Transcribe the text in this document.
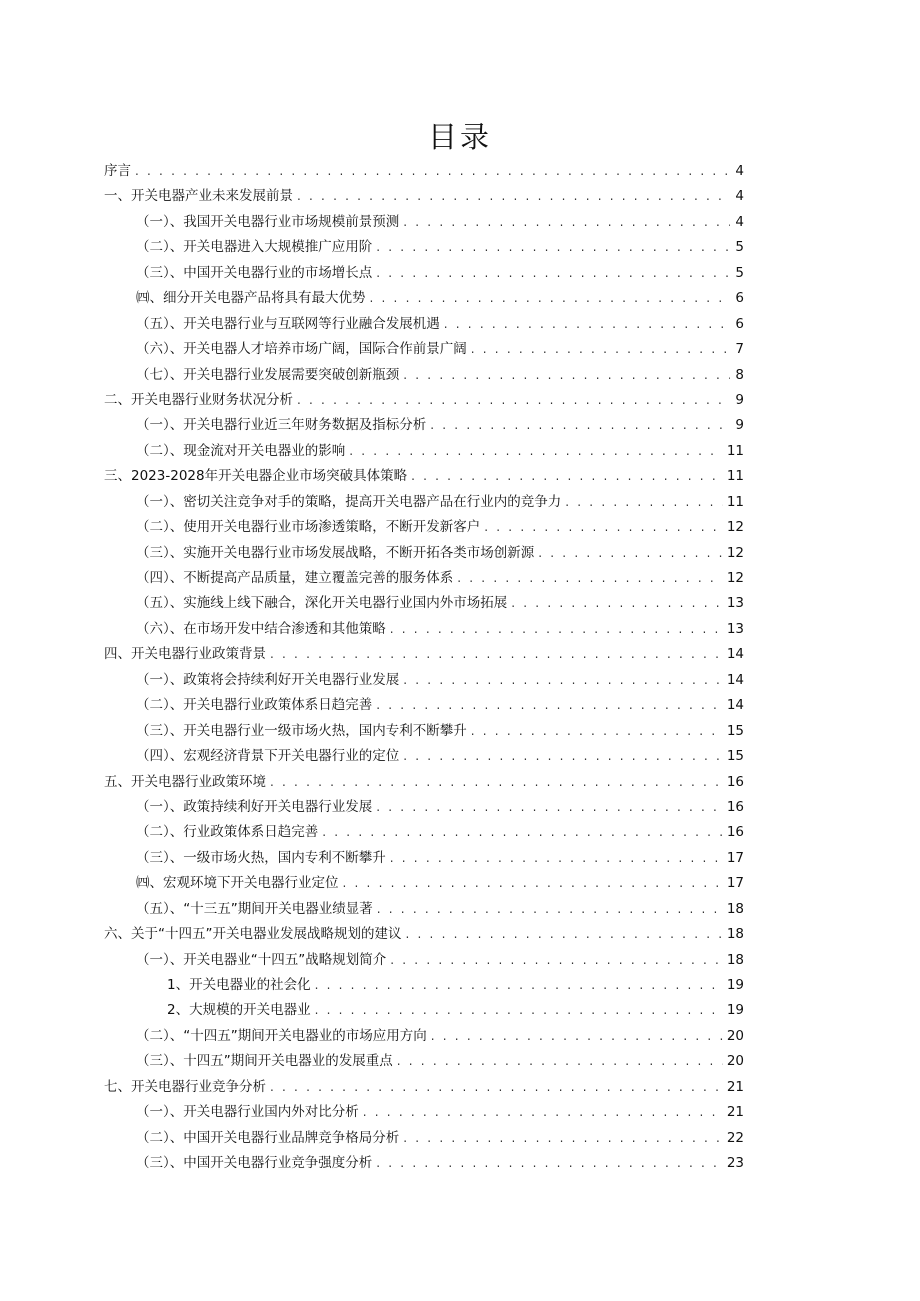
目录
序言 . . .	4
一、开关电器产业未来发展前景 . . .	4
（一）、我国开关电器行业市场规模前景预测 . . .	4
（二）、开关电器进入大规模推广应用阶 . . .	5
（三）、中国开关电器行业的市场增长点 . . .	5
㈣、细分开关电器产品将具有最大优势 . . .	6
（五）、开关电器行业与互联网等行业融合发展机遇 . . .	6
（六）、开关电器人才培养市场广阔，国际合作前景广阔 . . .	7
（七）、开关电器行业发展需要突破创新瓶颈 . . .	8
二、开关电器行业财务状况分析 . . .	9
（一）、开关电器行业近三年财务数据及指标分析 . . .	9
（二）、现金流对开关电器业的影响 . . .	11
三、2023-2028年开关电器企业市场突破具体策略 . . .	11
（一）、密切关注竞争对手的策略，提高开关电器产品在行业内的竞争力 . . .	11
（二）、使用开关电器行业市场渗透策略，不断开发新客户 . . .	12
（三）、实施开关电器行业市场发展战略，不断开拓各类市场创新源 . . .	12
（四）、不断提高产品质量，建立覆盖完善的服务体系 . . .	12
（五）、实施线上线下融合，深化开关电器行业国内外市场拓展 . . .	13
（六）、在市场开发中结合渗透和其他策略 . . .	13
四、开关电器行业政策背景 . . .	14
（一）、政策将会持续利好开关电器行业发展 . . .	14
（二）、开关电器行业政策体系日趋完善 . . .	14
（三）、开关电器行业一级市场火热，国内专利不断攀升 . . .	15
（四）、宏观经济背景下开关电器行业的定位 . . .	15
五、开关电器行业政策环境 . . .	16
（一）、政策持续利好开关电器行业发展 . . .	16
（二）、行业政策体系日趋完善 . . .	16
（三）、一级市场火热，国内专利不断攀升 . . .	17
㈣、宏观环境下开关电器行业定位 . . .	17
（五）、“十三五”期间开关电器业绩显著 . . .	18
六、关于“十四五”开关电器业发展战略规划的建议 . . .	18
（一）、开关电器业“十四五”战略规划简介 . . .	18
1、开关电器业的社会化 . . .	19
2、大规模的开关电器业 . . .	19
（二）、“十四五”期间开关电器业的市场应用方向 . . .	20
（三）、十四五”期间开关电器业的发展重点 . . .	20
七、开关电器行业竞争分析 . . .	21
（一）、开关电器行业国内外对比分析 . . .	21
（二）、中国开关电器行业品牌竞争格局分析 . . .	22
（三）、中国开关电器行业竞争强度分析 . . .	23
